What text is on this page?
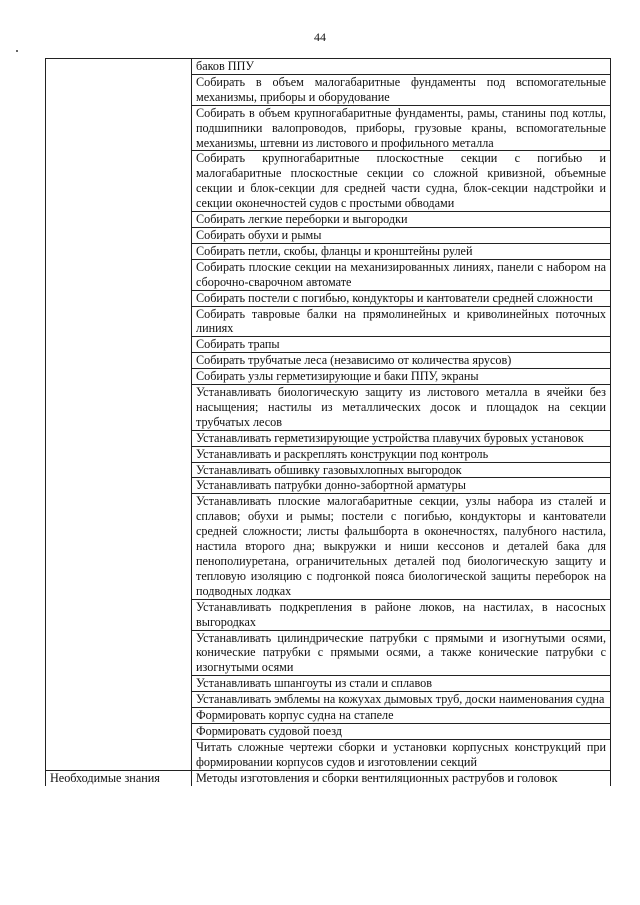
44
	баков ППУ
	Собирать в объем малогабаритные фундаменты под вспомогательные механизмы, приборы и оборудование
	Собирать в объем крупногабаритные фундаменты, рамы, станины под котлы, подшипники валопроводов, приборы, грузовые краны, вспомогательные механизмы, штевни из листового и профильного металла
	Собирать крупногабаритные плоскостные секции с погибью и малогабаритные плоскостные секции со сложной кривизной, объемные секции и блок-секции для средней части судна, блок-секции надстройки и секции оконечностей судов с простыми обводами
	Собирать легкие переборки и выгородки
	Собирать обухи и рымы
	Собирать петли, скобы, фланцы и кронштейны рулей
	Собирать плоские секции на механизированных линиях, панели с набором на сборочно-сварочном автомате
	Собирать постели с погибью, кондукторы и кантователи средней сложности
	Собирать тавровые балки на прямолинейных и криволинейных поточных линиях
	Собирать трапы
	Собирать трубчатые леса (независимо от количества ярусов)
	Собирать узлы герметизирующие и баки ППУ, экраны
	Устанавливать биологическую защиту из листового металла в ячейки без насыщения; настилы из металлических досок и площадок на секции трубчатых лесов
	Устанавливать герметизирующие устройства плавучих буровых установок
	Устанавливать и раскреплять конструкции под контроль
	Устанавливать обшивку газовыхлопных выгородок
	Устанавливать патрубки донно-забортной арматуры
	Устанавливать плоские малогабаритные секции, узлы набора из сталей и сплавов; обухи и рымы; постели с погибью, кондукторы и кантователи средней сложности; листы фальшборта в оконечностях, палубного настила, настила второго дна; выкружки и ниши кессонов и деталей бака для пенополиуретана, ограничительных деталей под биологическую защиту и тепловую изоляцию с подгонкой пояса биологической защиты переборок на подводных лодках
	Устанавливать подкрепления в районе люков, на настилах, в насосных выгородках
	Устанавливать цилиндрические патрубки с прямыми и изогнутыми осями, конические патрубки с прямыми осями, а также конические патрубки с изогнутыми осями
	Устанавливать шпангоуты из стали и сплавов
	Устанавливать эмблемы на кожухах дымовых труб, доски наименования судна
	Формировать корпус судна на стапеле
	Формировать судовой поезд
	Читать сложные чертежи сборки и установки корпусных конструкций при формировании корпусов судов и изготовлении секций
Необходимые знания	Методы изготовления и сборки вентиляционных раструбов и головок
